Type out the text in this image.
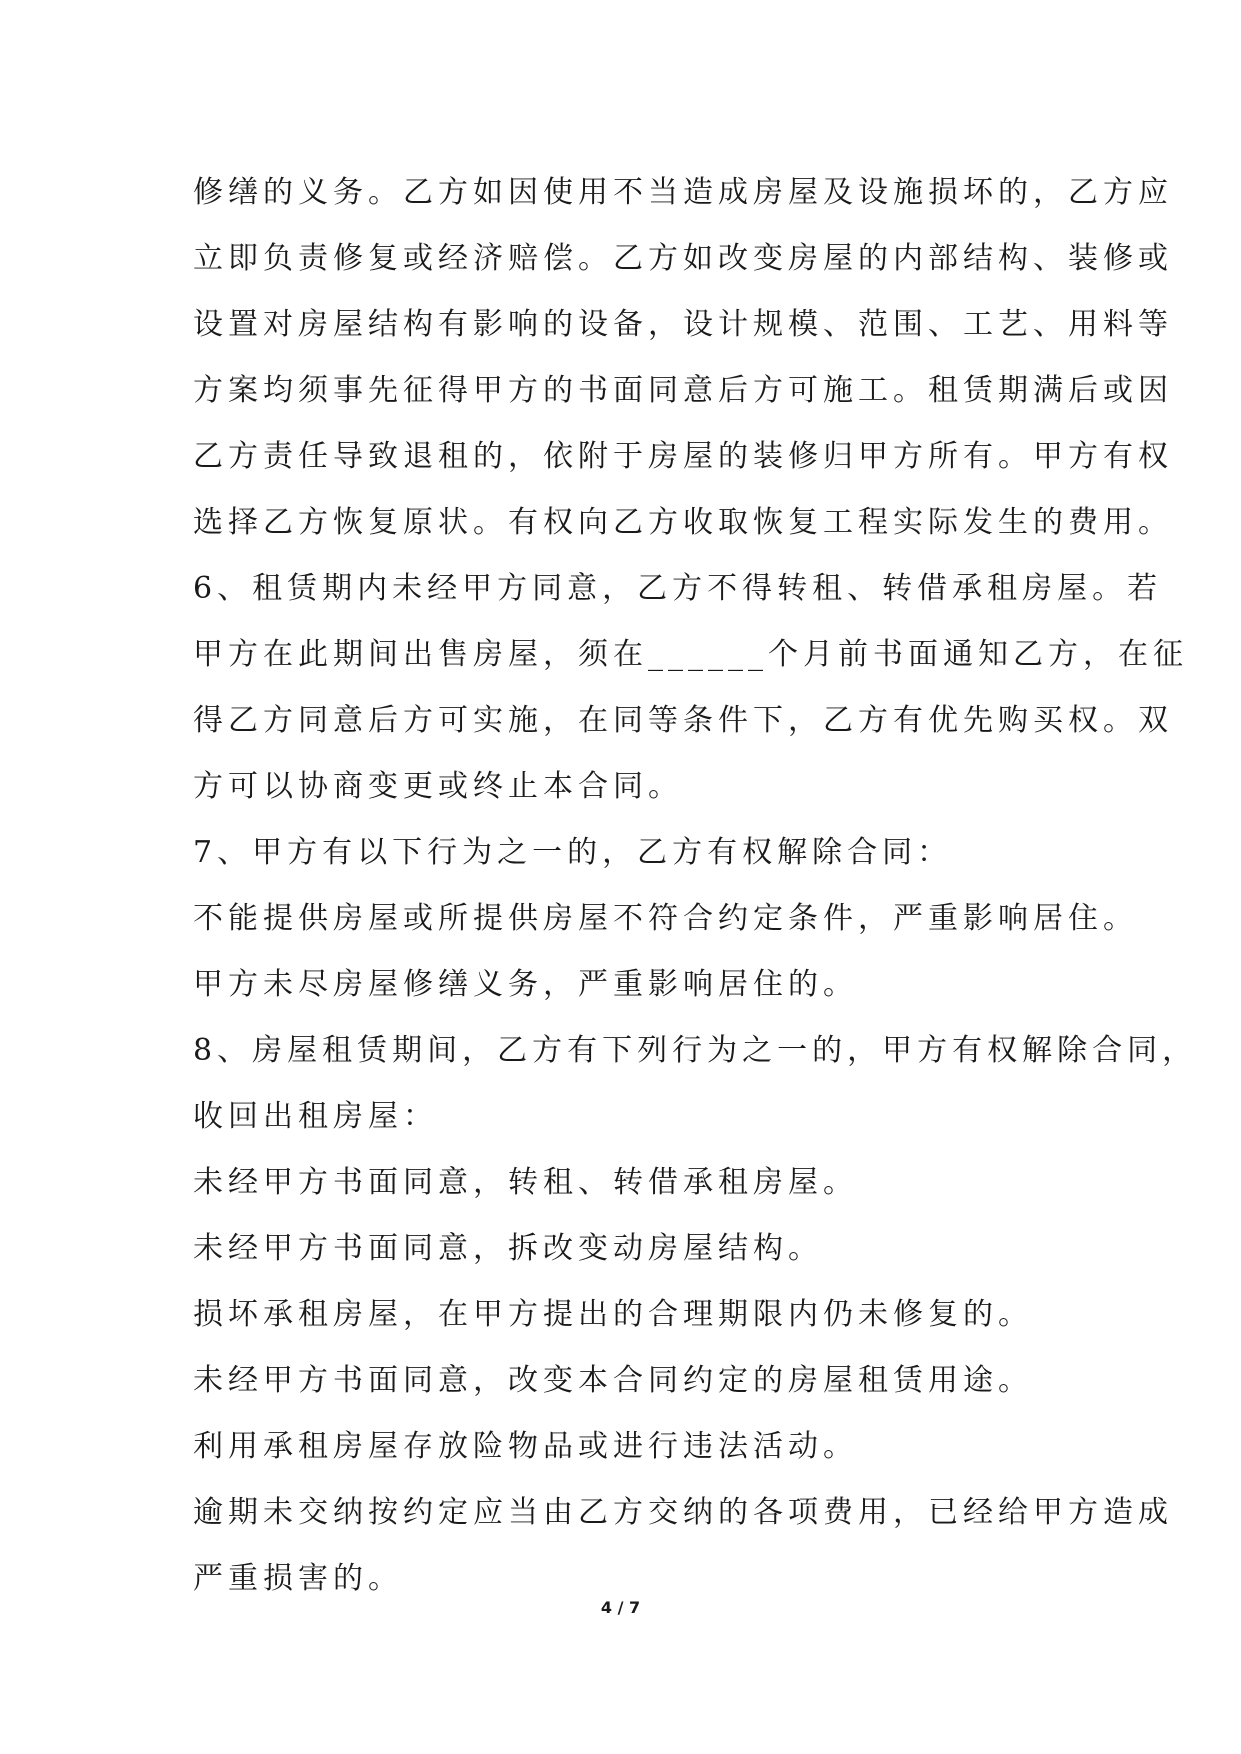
修缮的义务。乙方如因使用不当造成房屋及设施损坏的，乙方应
立即负责修复或经济赔偿。乙方如改变房屋的内部结构、装修或
设置对房屋结构有影响的设备，设计规模、范围、工艺、用料等
方案均须事先征得甲方的书面同意后方可施工。租赁期满后或因
乙方责任导致退租的，依附于房屋的装修归甲方所有。甲方有权
选择乙方恢复原状。有权向乙方收取恢复工程实际发生的费用。
6、租赁期内未经甲方同意，乙方不得转租、转借承租房屋。若
甲方在此期间出售房屋，须在______个月前书面通知乙方，在征
得乙方同意后方可实施，在同等条件下，乙方有优先购买权。双
方可以协商变更或终止本合同。
7、甲方有以下行为之一的，乙方有权解除合同：
不能提供房屋或所提供房屋不符合约定条件，严重影响居住。
甲方未尽房屋修缮义务，严重影响居住的。
8、房屋租赁期间，乙方有下列行为之一的，甲方有权解除合同，
收回出租房屋：
未经甲方书面同意，转租、转借承租房屋。
未经甲方书面同意，拆改变动房屋结构。
损坏承租房屋，在甲方提出的合理期限内仍未修复的。
未经甲方书面同意，改变本合同约定的房屋租赁用途。
利用承租房屋存放险物品或进行违法活动。
逾期未交纳按约定应当由乙方交纳的各项费用，已经给甲方造成
严重损害的。
4 / 7
